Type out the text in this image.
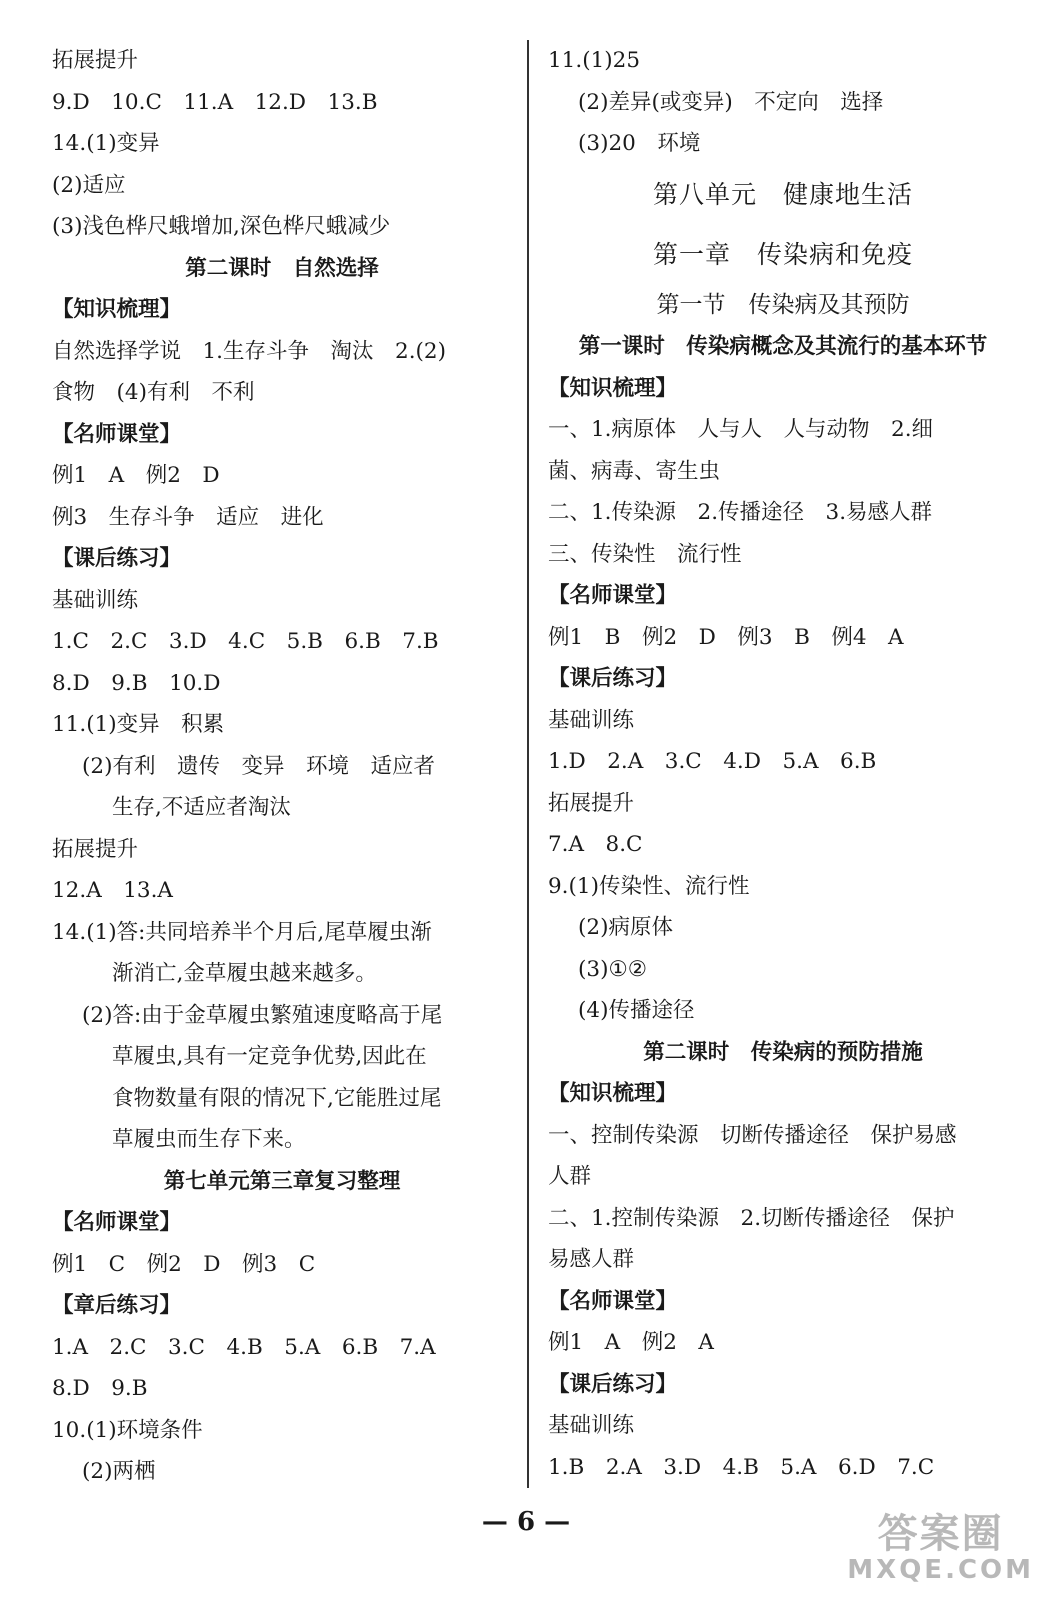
拓展提升
9.D　10.C　11.A　12.D　13.B
14.(1)变异
(2)适应
(3)浅色桦尺蛾增加,深色桦尺蛾减少
第二课时　自然选择
【知识梳理】
自然选择学说　1.生存斗争　淘汰　2.(2)
食物　(4)有利　不利
【名师课堂】
例1　A　例2　D
例3　生存斗争　适应　进化
【课后练习】
基础训练
1.C　2.C　3.D　4.C　5.B　6.B　7.B
8.D　9.B　10.D
11.(1)变异　积累
(2)有利　遗传　变异　环境　适应者
生存,不适应者淘汰
拓展提升
12.A　13.A
14.(1)答:共同培养半个月后,尾草履虫渐
渐消亡,金草履虫越来越多。
(2)答:由于金草履虫繁殖速度略高于尾
草履虫,具有一定竞争优势,因此在
食物数量有限的情况下,它能胜过尾
草履虫而生存下来。
第七单元第三章复习整理
【名师课堂】
例1　C　例2　D　例3　C
【章后练习】
1.A　2.C　3.C　4.B　5.A　6.B　7.A
8.D　9.B
10.(1)环境条件
(2)两栖
11.(1)25
(2)差异(或变异)　不定向　选择
(3)20　环境
第八单元　健康地生活
第一章　传染病和免疫
第一节　传染病及其预防
第一课时　传染病概念及其流行的基本环节
【知识梳理】
一、1.病原体　人与人　人与动物　2.细
菌、病毒、寄生虫
二、1.传染源　2.传播途径　3.易感人群
三、传染性　流行性
【名师课堂】
例1　B　例2　D　例3　B　例4　A
【课后练习】
基础训练
1.D　2.A　3.C　4.D　5.A　6.B
拓展提升
7.A　8.C
9.(1)传染性、流行性
(2)病原体
(3)①②
(4)传播途径
第二课时　传染病的预防措施
【知识梳理】
一、控制传染源　切断传播途径　保护易感
人群
二、1.控制传染源　2.切断传播途径　保护
易感人群
【名师课堂】
例1　A　例2　A
【课后练习】
基础训练
1.B　2.A　3.D　4.B　5.A　6.D　7.C
— 6 —	答案圈
MXQE.COM
